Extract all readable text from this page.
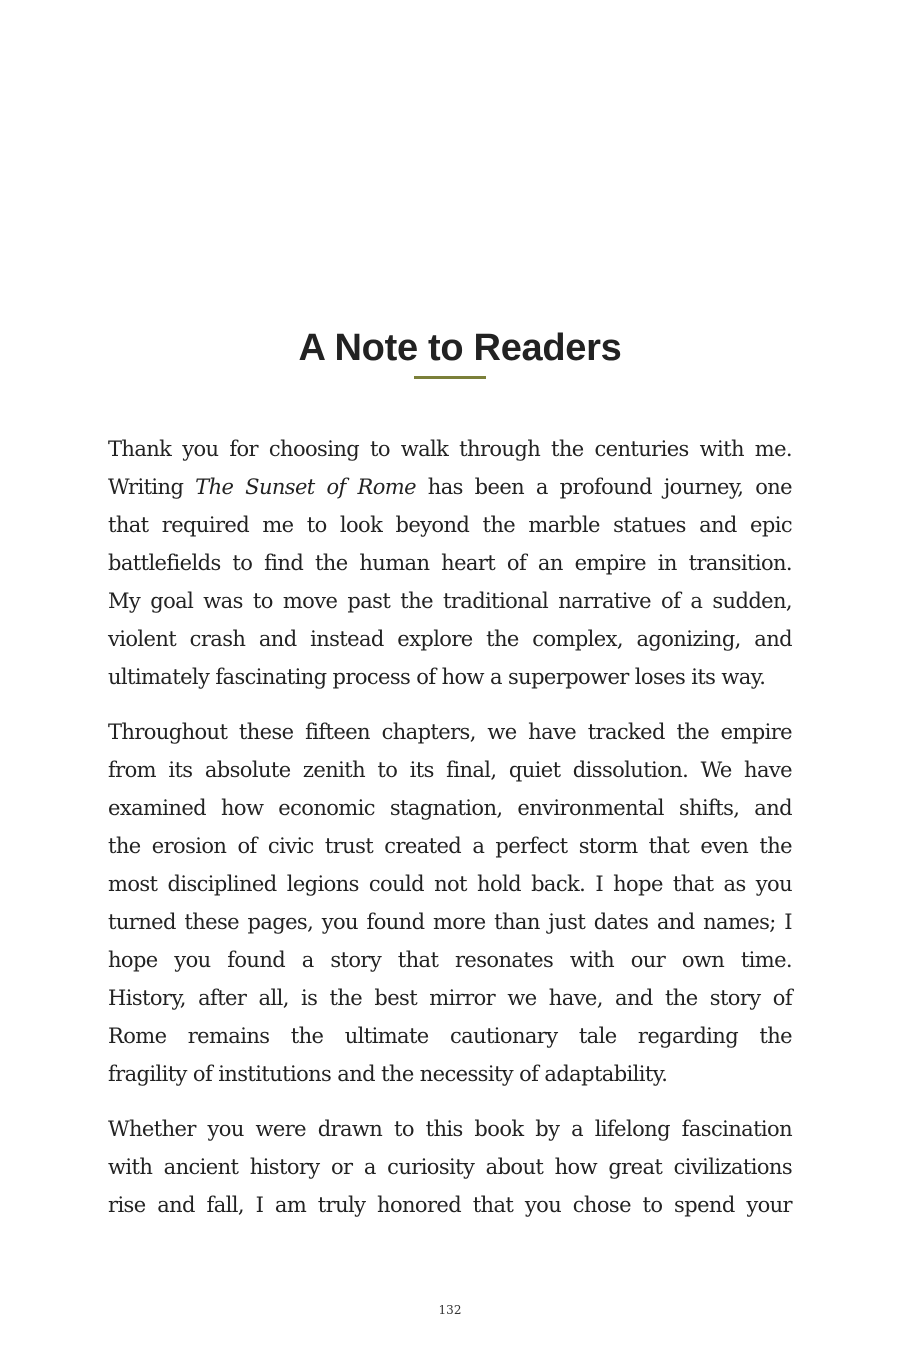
A Note to Readers

Thank you for choosing to walk through the centuries with me.
Writing The Sunset of Rome has been a profound journey, one
that required me to look beyond the marble statues and epic
battlefields to find the human heart of an empire in transition.
My goal was to move past the traditional narrative of a sudden,
violent crash and instead explore the complex, agonizing, and
ultimately fascinating process of how a superpower loses its way.

Throughout these fifteen chapters, we have tracked the empire
from its absolute zenith to its final, quiet dissolution. We have
examined how economic stagnation, environmental shifts, and
the erosion of civic trust created a perfect storm that even the
most disciplined legions could not hold back. I hope that as you
turned these pages, you found more than just dates and names; I
hope you found a story that resonates with our own time.
History, after all, is the best mirror we have, and the story of
Rome remains the ultimate cautionary tale regarding the
fragility of institutions and the necessity of adaptability.

Whether you were drawn to this book by a lifelong fascination
with ancient history or a curiosity about how great civilizations
rise and fall, I am truly honored that you chose to spend your

132
